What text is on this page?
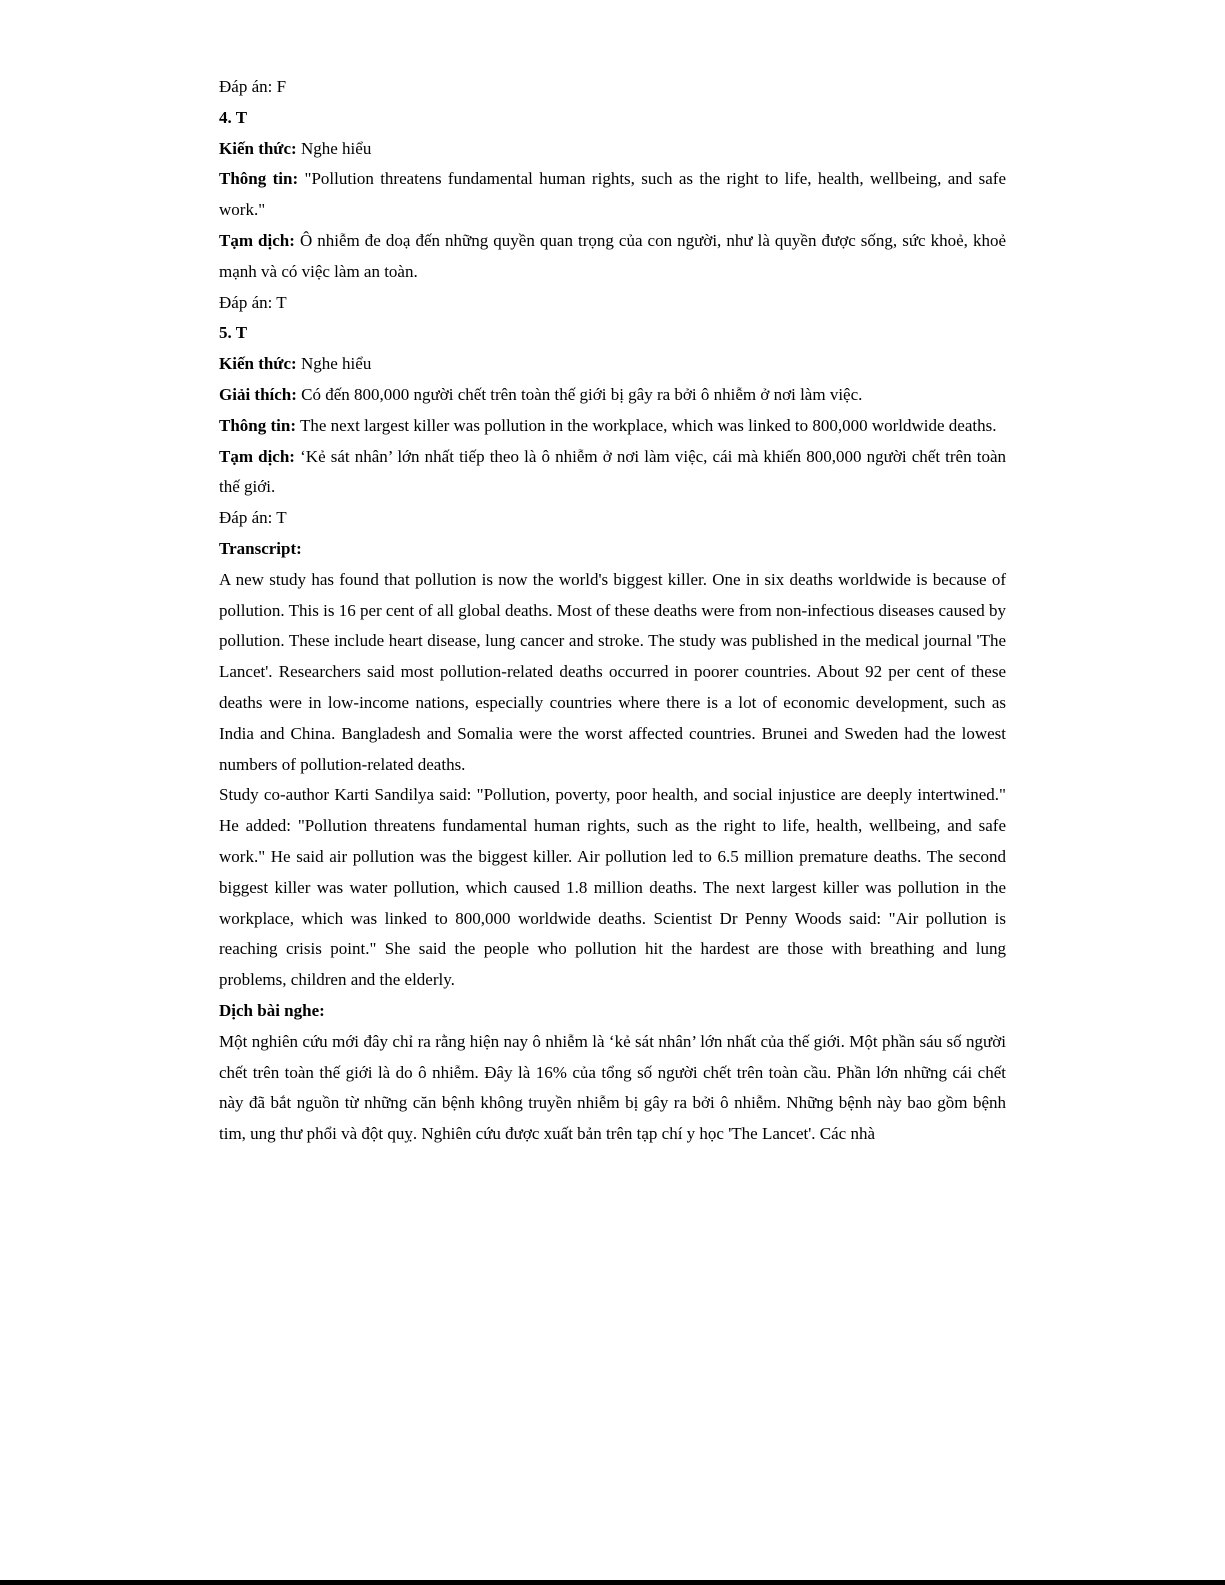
Đáp án: F

4. T

Kiến thức: Nghe hiểu

Thông tin: "Pollution threatens fundamental human rights, such as the right to life, health, wellbeing, and safe work."

Tạm dịch: Ô nhiễm đe doạ đến những quyền quan trọng của con người, như là quyền được sống, sức khoẻ, khoẻ mạnh và có việc làm an toàn.

Đáp án: T

5. T

Kiến thức: Nghe hiểu

Giải thích: Có đến 800,000 người chết trên toàn thế giới bị gây ra bởi ô nhiễm ở nơi làm việc.

Thông tin: The next largest killer was pollution in the workplace, which was linked to 800,000 worldwide deaths.

Tạm dịch: ‘Kẻ sát nhân’ lớn nhất tiếp theo là ô nhiễm ở nơi làm việc, cái mà khiến 800,000 người chết trên toàn thế giới.

Đáp án: T

Transcript:

A new study has found that pollution is now the world's biggest killer. One in six deaths worldwide is because of pollution. This is 16 per cent of all global deaths. Most of these deaths were from non-infectious diseases caused by pollution. These include heart disease, lung cancer and stroke. The study was published in the medical journal 'The Lancet'. Researchers said most pollution-related deaths occurred in poorer countries. About 92 per cent of these deaths were in low-income nations, especially countries where there is a lot of economic development, such as India and China. Bangladesh and Somalia were the worst affected countries. Brunei and Sweden had the lowest numbers of pollution-related deaths.

Study co-author Karti Sandilya said: "Pollution, poverty, poor health, and social injustice are deeply intertwined." He added: "Pollution threatens fundamental human rights, such as the right to life, health, wellbeing, and safe work." He said air pollution was the biggest killer. Air pollution led to 6.5 million premature deaths. The second biggest killer was water pollution, which caused 1.8 million deaths. The next largest killer was pollution in the workplace, which was linked to 800,000 worldwide deaths. Scientist Dr Penny Woods said: "Air pollution is reaching crisis point." She said the people who pollution hit the hardest are those with breathing and lung problems, children and the elderly.

Dịch bài nghe:

Một nghiên cứu mới đây chỉ ra rằng hiện nay ô nhiễm là ‘kẻ sát nhân’ lớn nhất của thế giới. Một phần sáu số người chết trên toàn thế giới là do ô nhiễm. Đây là 16% của tổng số người chết trên toàn cầu. Phần lớn những cái chết này đã bắt nguồn từ những căn bệnh không truyền nhiễm bị gây ra bởi ô nhiễm. Những bệnh này bao gồm bệnh tim, ung thư phổi và đột quỵ. Nghiên cứu được xuất bản trên tạp chí y học 'The Lancet'. Các nhà
